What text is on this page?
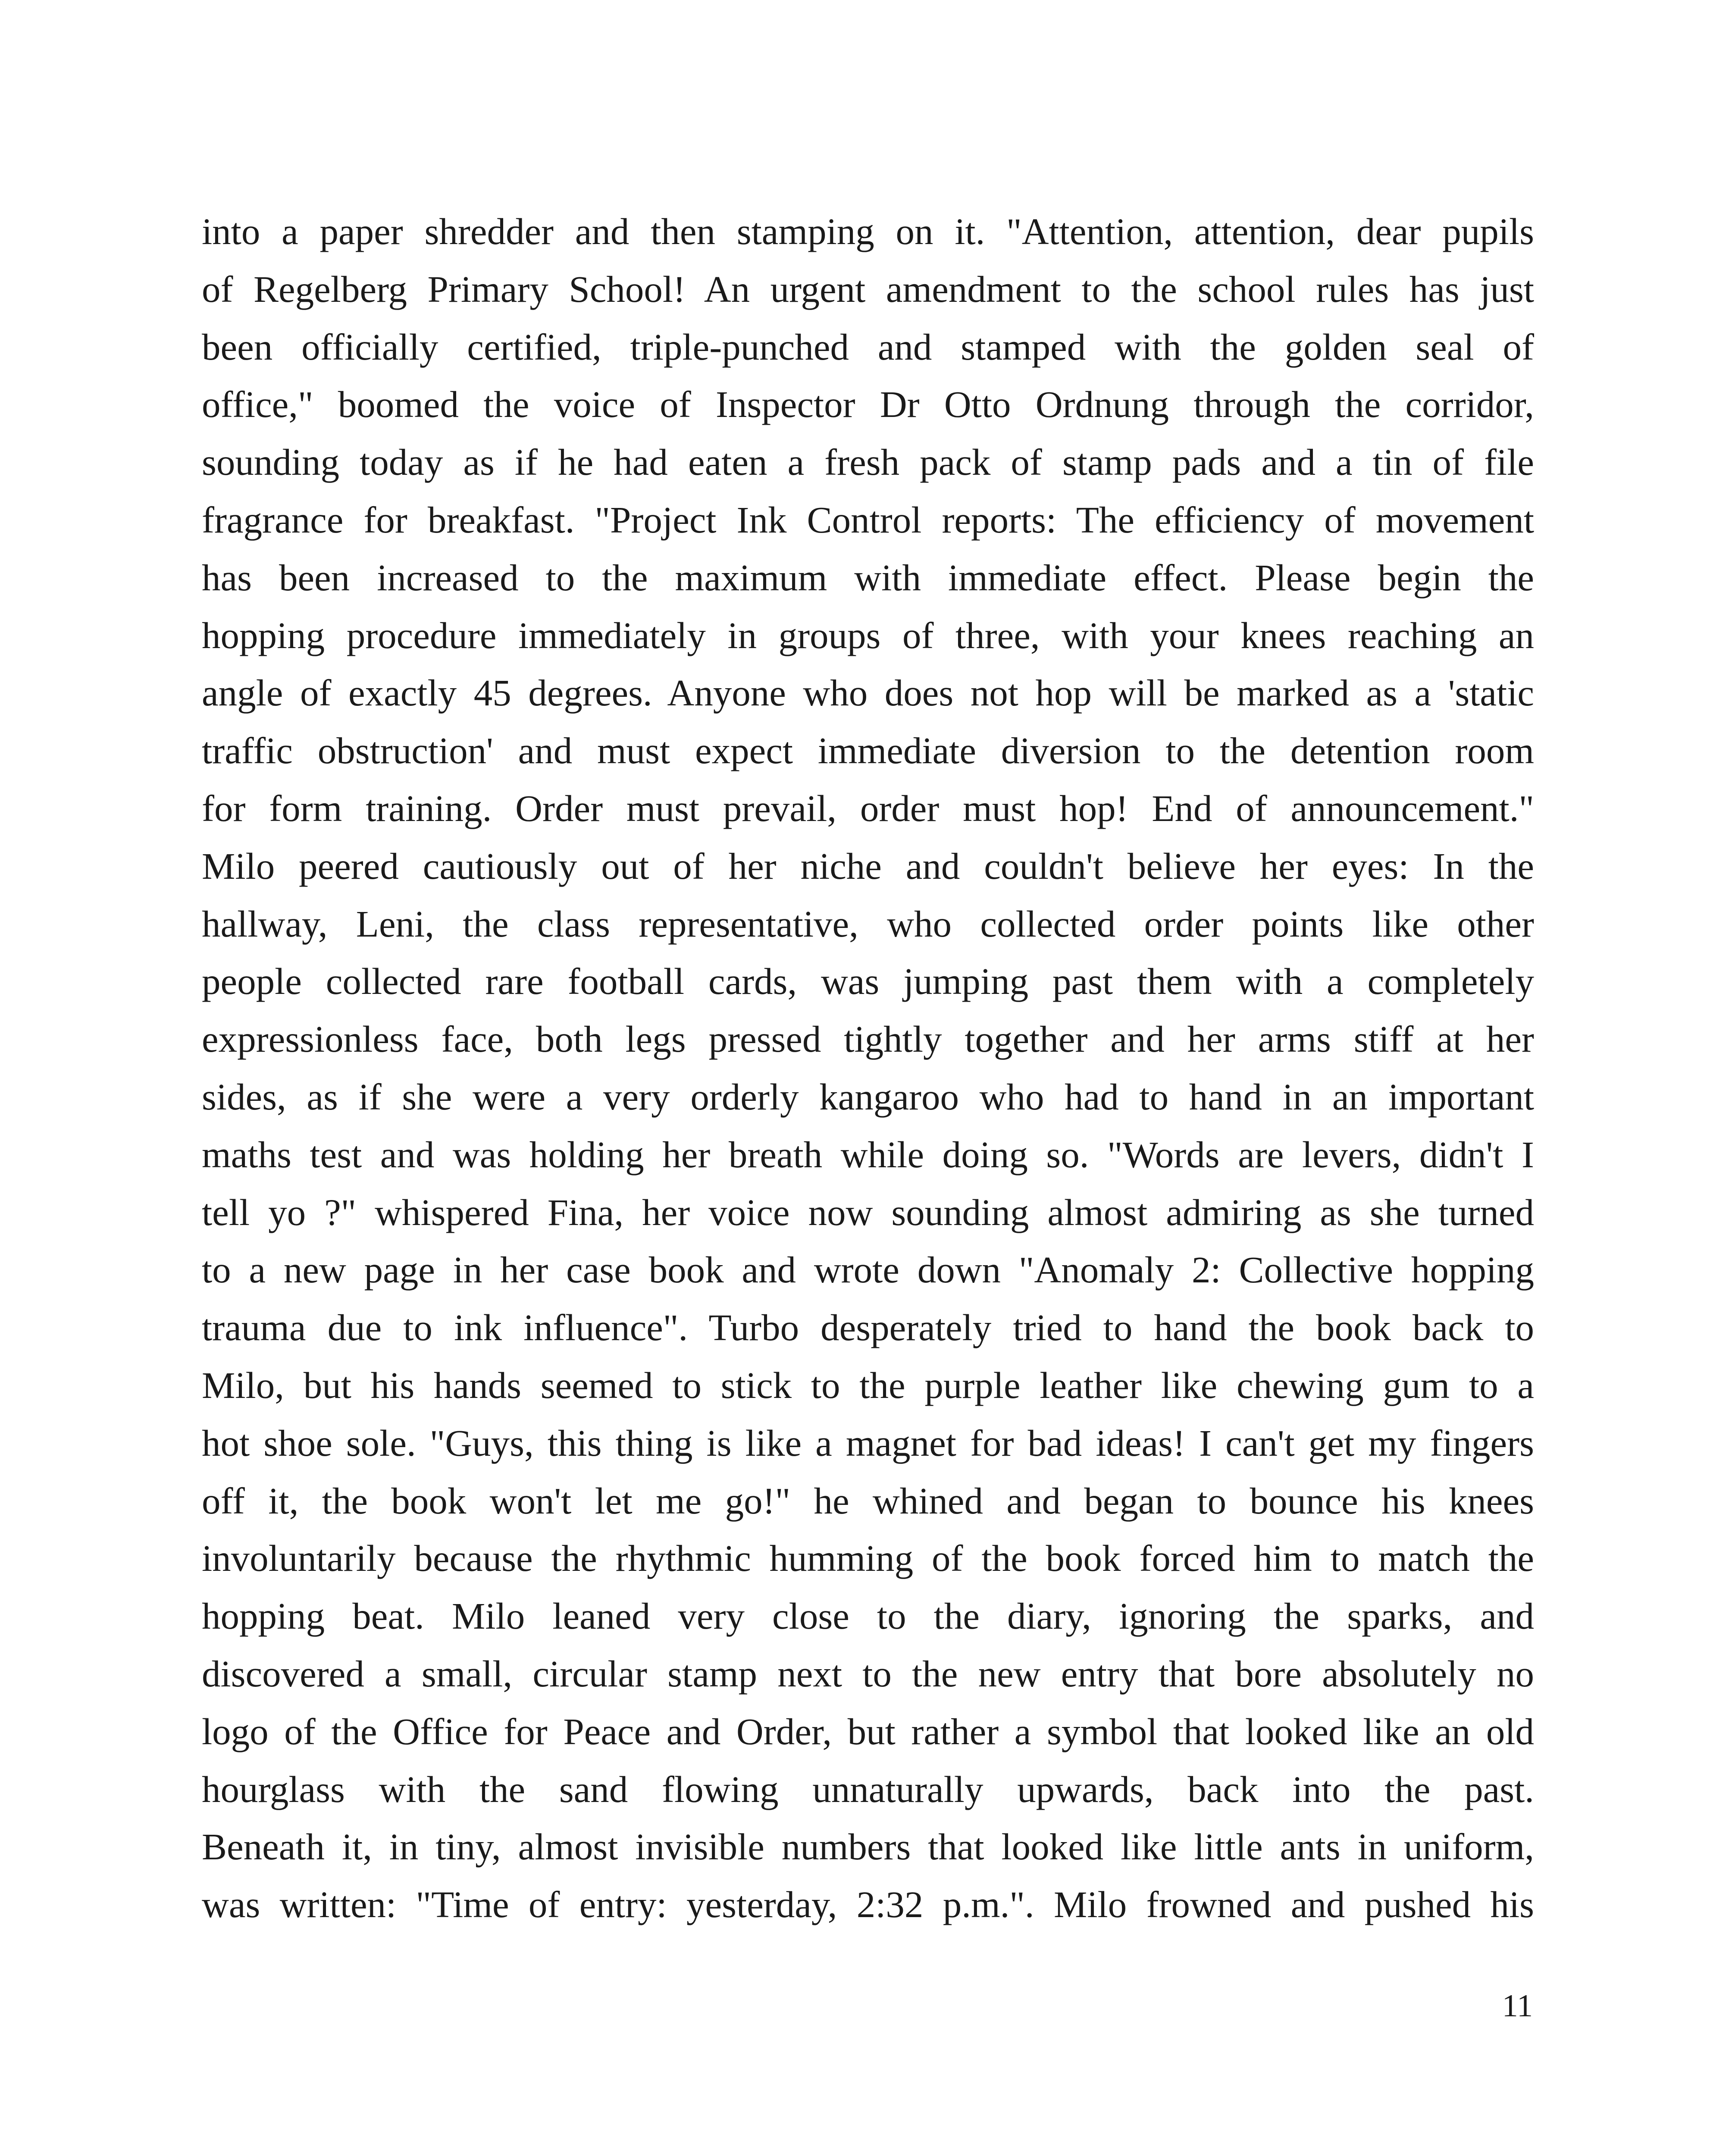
into a paper shredder and then stamping on it. "Attention, attention, dear pupils
of Regelberg Primary School! An urgent amendment to the school rules has just
been officially certified, triple-punched and stamped with the golden seal of
office," boomed the voice of Inspector Dr Otto Ordnung through the corridor,
sounding today as if he had eaten a fresh pack of stamp pads and a tin of file
fragrance for breakfast. "Project Ink Control reports: The efficiency of movement
has been increased to the maximum with immediate effect. Please begin the
hopping procedure immediately in groups of three, with your knees reaching an
angle of exactly 45 degrees. Anyone who does not hop will be marked as a 'static
traffic obstruction' and must expect immediate diversion to the detention room
for form training. Order must prevail, order must hop! End of announcement."
Milo peered cautiously out of her niche and couldn't believe her eyes: In the
hallway, Leni, the class representative, who collected order points like other
people collected rare football cards, was jumping past them with a completely
expressionless face, both legs pressed tightly together and her arms stiff at her
sides, as if she were a very orderly kangaroo who had to hand in an important
maths test and was holding her breath while doing so. "Words are levers, didn't I
tell yo ?" whispered Fina, her voice now sounding almost admiring as she turned
to a new page in her case book and wrote down "Anomaly 2: Collective hopping
trauma due to ink influence". Turbo desperately tried to hand the book back to
Milo, but his hands seemed to stick to the purple leather like chewing gum to a
hot shoe sole. "Guys, this thing is like a magnet for bad ideas! I can't get my fingers
off it, the book won't let me go!" he whined and began to bounce his knees
involuntarily because the rhythmic humming of the book forced him to match the
hopping beat. Milo leaned very close to the diary, ignoring the sparks, and
discovered a small, circular stamp next to the new entry that bore absolutely no
logo of the Office for Peace and Order, but rather a symbol that looked like an old
hourglass with the sand flowing unnaturally upwards, back into the past.
Beneath it, in tiny, almost invisible numbers that looked like little ants in uniform,
was written: "Time of entry: yesterday, 2:32 p.m.". Milo frowned and pushed his
11
